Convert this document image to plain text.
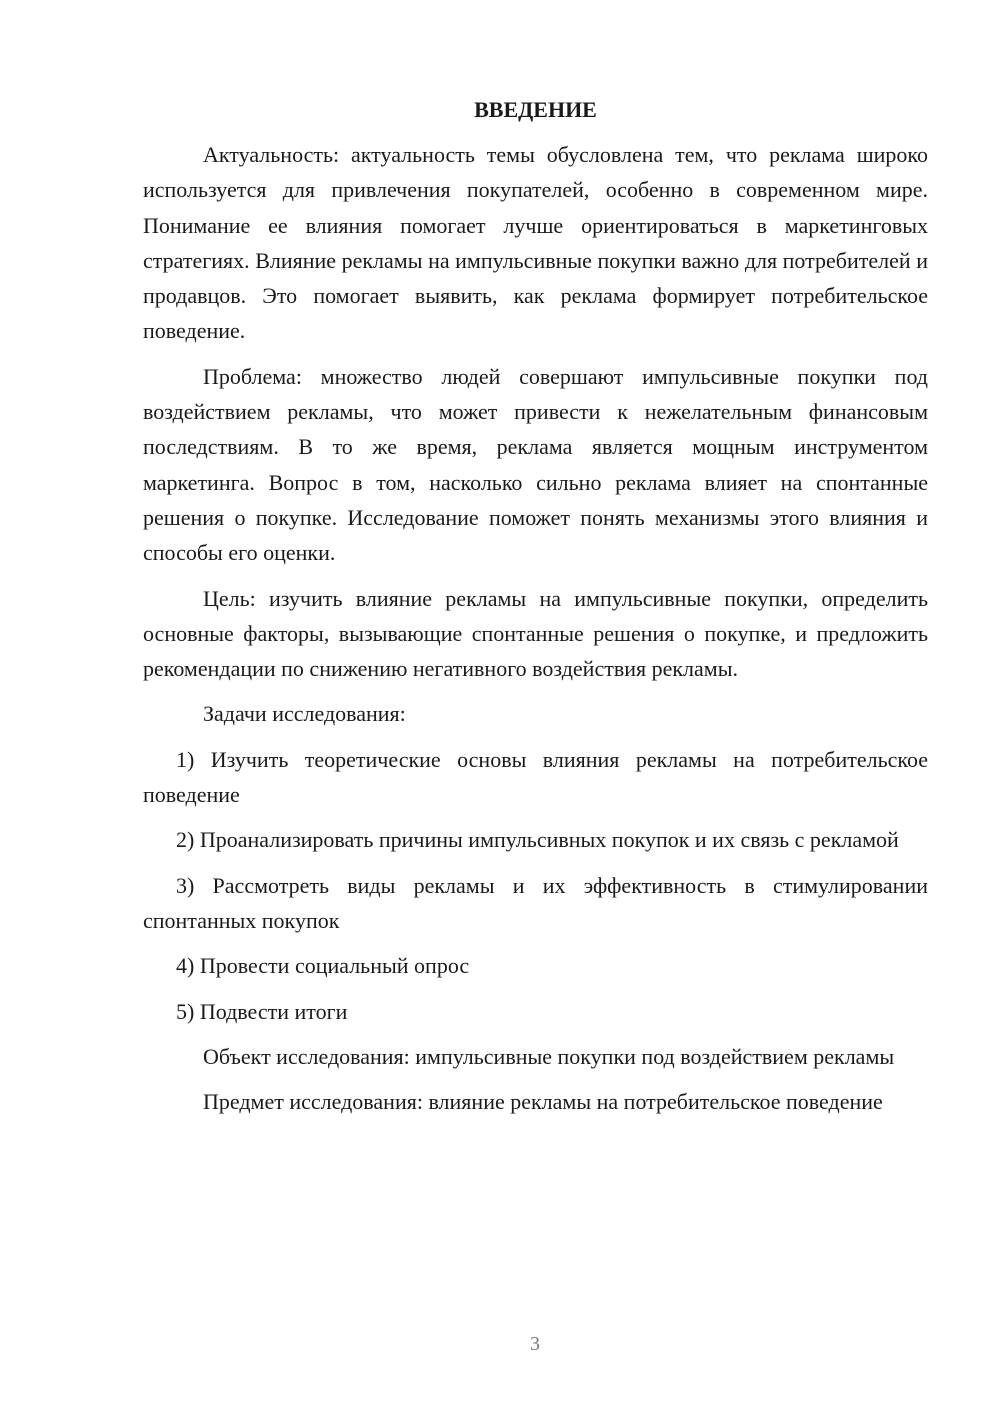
ВВЕДЕНИЕ

Актуальность: актуальность темы обусловлена тем, что реклама широко используется для привлечения покупателей, особенно в современном мире. Понимание ее влияния помогает лучше ориентироваться в маркетинговых стратегиях. Влияние рекламы на импульсивные покупки важно для потребителей и продавцов. Это помогает выявить, как реклама формирует потребительское поведение.

Проблема: множество людей совершают импульсивные покупки под воздействием рекламы, что может привести к нежелательным финансовым последствиям. В то же время, реклама является мощным инструментом маркетинга. Вопрос в том, насколько сильно реклама влияет на спонтанные решения о покупке. Исследование поможет понять механизмы этого влияния и способы его оценки.

Цель: изучить влияние рекламы на импульсивные покупки, определить основные факторы, вызывающие спонтанные решения о покупке, и предложить рекомендации по снижению негативного воздействия рекламы.

Задачи исследования:

1) Изучить теоретические основы влияния рекламы на потребительское поведение

2) Проанализировать причины импульсивных покупок и их связь с рекламой

3) Рассмотреть виды рекламы и их эффективность в стимулировании спонтанных покупок

4) Провести социальный опрос

5) Подвести итоги

Объект исследования: импульсивные покупки под воздействием рекламы

Предмет исследования: влияние рекламы на потребительское поведение

3
